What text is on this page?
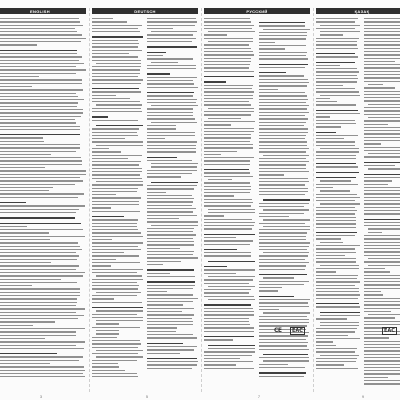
ENGLISH	DEUTSCH	РУССКИЙ	ҚАЗАҚ
CE	EAC	EAC
3	5	7	9
